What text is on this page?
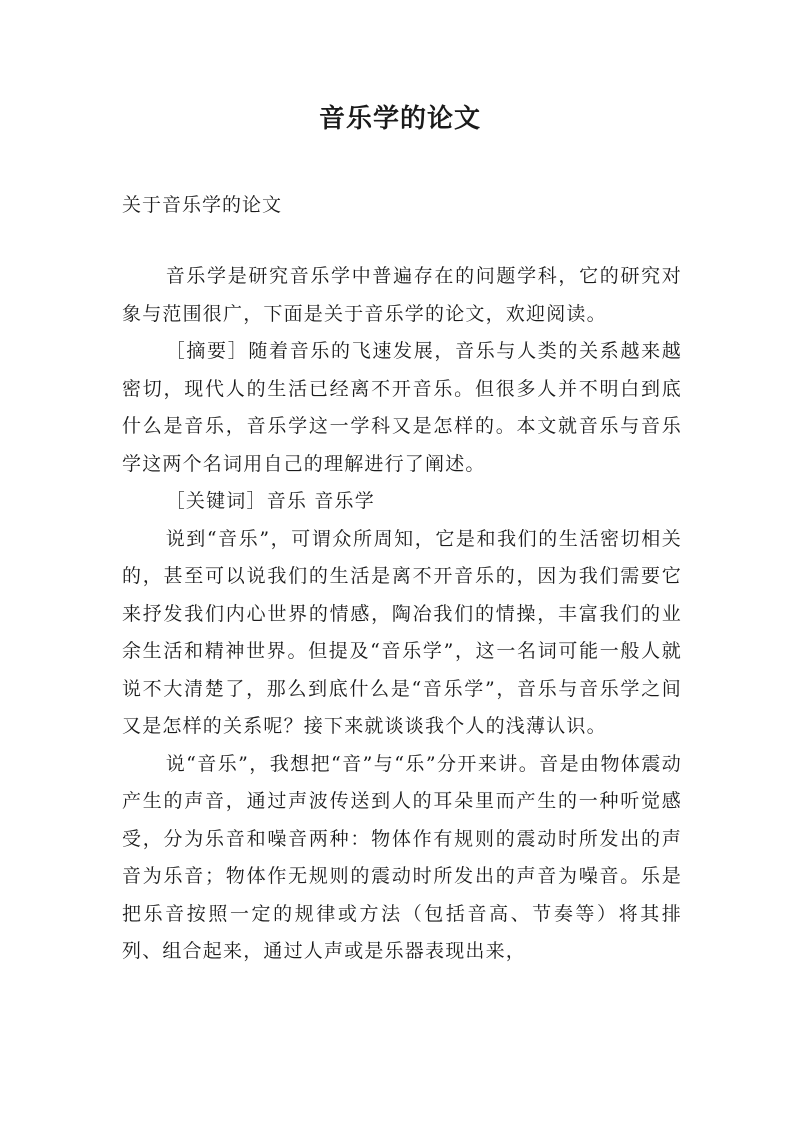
音乐学的论文

关于音乐学的论文

音乐学是研究音乐学中普遍存在的问题学科，它的研究对象与范围很广，下面是关于音乐学的论文，欢迎阅读。

［摘要］随着音乐的飞速发展，音乐与人类的关系越来越密切，现代人的生活已经离不开音乐。但很多人并不明白到底什么是音乐，音乐学这一学科又是怎样的。本文就音乐与音乐学这两个名词用自己的理解进行了阐述。

［关键词］音乐 音乐学

说到“音乐”，可谓众所周知，它是和我们的生活密切相关的，甚至可以说我们的生活是离不开音乐的，因为我们需要它来抒发我们内心世界的情感，陶冶我们的情操，丰富我们的业余生活和精神世界。但提及“音乐学”，这一名词可能一般人就说不大清楚了，那么到底什么是“音乐学”，音乐与音乐学之间又是怎样的关系呢？接下来就谈谈我个人的浅薄认识。

说“音乐”，我想把“音”与“乐”分开来讲。音是由物体震动产生的声音，通过声波传送到人的耳朵里而产生的一种听觉感受，分为乐音和噪音两种：物体作有规则的震动时所发出的声音为乐音；物体作无规则的震动时所发出的声音为噪音。乐是把乐音按照一定的规律或方法（包括音高、节奏等）将其排列、组合起来，通过人声或是乐器表现出来，
